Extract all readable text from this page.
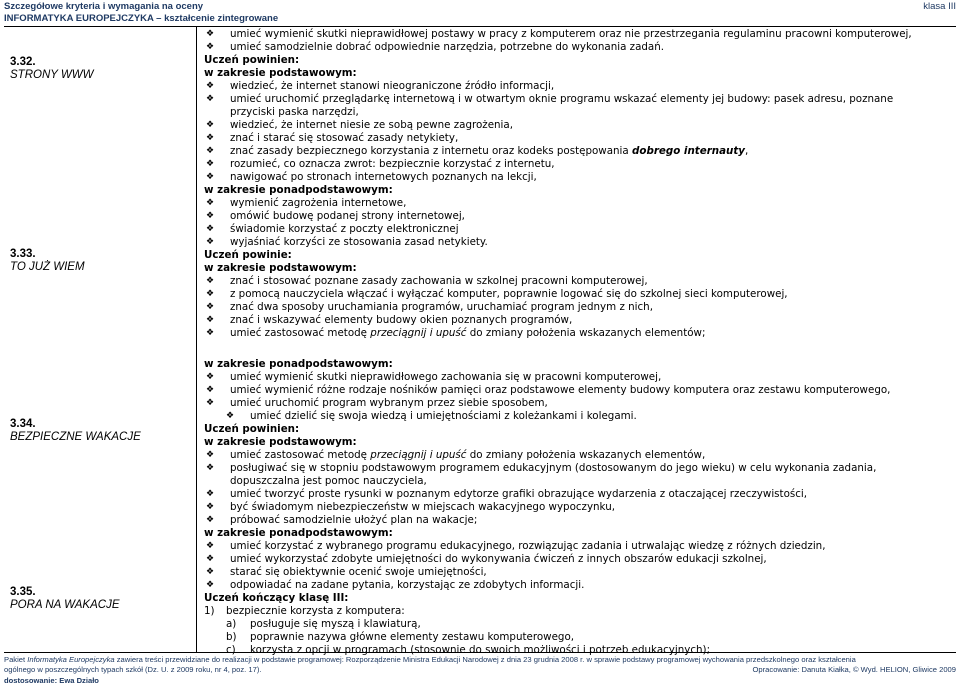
Szczegółowe kryteria i wymagania na oceny
INFORMATYKA EUROPEJCZYKA – kształcenie zintegrowane
klasa III
3.32.
STRONY WWW
3.33.
TO JUŻ WIEM
3.34.
BEZPIECZNE WAKACJE
3.35.
PORA NA WAKACJE
❖ umieć wymienić skutki nieprawidłowej postawy w pracy z komputerem oraz nie przestrzegania regulaminu pracowni komputerowej,
❖ umieć samodzielnie dobrać odpowiednie narzędzia, potrzebne do wykonania zadań.
Uczeń powinien:
w zakresie podstawowym:
❖ wiedzieć, że internet stanowi nieograniczone źródło informacji,
❖ umieć uruchomić przeglądarkę internetową i w otwartym oknie programu wskazać elementy jej budowy: pasek adresu, poznane
przyciski paska narzędzi,
❖ wiedzieć, że internet niesie ze sobą pewne zagrożenia,
❖ znać i starać się stosować zasady netykiety,
❖ znać zasady bezpiecznego korzystania z internetu oraz kodeks postępowania dobrego internauty,
❖ rozumieć, co oznacza zwrot: bezpiecznie korzystać z internetu,
❖ nawigować po stronach internetowych poznanych na lekcji,
w zakresie ponadpodstawowym:
❖ wymienić zagrożenia internetowe,
❖ omówić budowę podanej strony internetowej,
❖ świadomie korzystać z poczty elektronicznej
❖ wyjaśniać korzyści ze stosowania zasad netykiety.
Uczeń powinie:
w zakresie podstawowym:
❖ znać i stosować poznane zasady zachowania w szkolnej pracowni komputerowej,
❖ z pomocą nauczyciela włączać i wyłączać komputer, poprawnie logować się do szkolnej sieci komputerowej,
❖ znać dwa sposoby uruchamiania programów, uruchamiać program jednym z nich,
❖ znać i wskazywać elementy budowy okien poznanych programów,
❖ umieć zastosować metodę przeciągnij i upuść do zmiany położenia wskazanych elementów;
w zakresie ponadpodstawowym:
❖ umieć wymienić skutki nieprawidłowego zachowania się w pracowni komputerowej,
❖ umieć wymienić różne rodzaje nośników pamięci oraz podstawowe elementy budowy komputera oraz zestawu komputerowego,
❖ umieć uruchomić program wybranym przez siebie sposobem,
❖ umieć dzielić się swoja wiedzą i umiejętnościami z koleżankami i kolegami.
Uczeń powinien:
w zakresie podstawowym:
❖ umieć zastosować metodę przeciągnij i upuść do zmiany położenia wskazanych elementów,
❖ posługiwać się w stopniu podstawowym programem edukacyjnym (dostosowanym do jego wieku) w celu wykonania zadania,
dopuszczalna jest pomoc nauczyciela,
❖ umieć tworzyć proste rysunki w poznanym edytorze grafiki obrazujące wydarzenia z otaczającej rzeczywistości,
❖ być świadomym niebezpieczeństw w miejscach wakacyjnego wypoczynku,
❖ próbować samodzielnie ułożyć plan na wakacje;
w zakresie ponadpodstawowym:
❖ umieć korzystać z wybranego programu edukacyjnego, rozwiązując zadania i utrwalając wiedzę z różnych dziedzin,
❖ umieć wykorzystać zdobyte umiejętności do wykonywania ćwiczeń z innych obszarów edukacji szkolnej,
❖ starać się obiektywnie ocenić swoje umiejętności,
❖ odpowiadać na zadane pytania, korzystając ze zdobytych informacji.
Uczeń kończący klasę III:
1) bezpiecznie korzysta z komputera:
a) posługuje się myszą i klawiaturą,
b) poprawnie nazywa główne elementy zestawu komputerowego,
c) korzysta z opcji w programach (stosownie do swoich możliwości i potrzeb edukacyjnych);
Pakiet Informatyka Europejczyka zawiera treści przewidziane do realizacji w podstawie programowej: Rozporządzenie Ministra Edukacji Narodowej z dnia 23 grudnia 2008 r. w sprawie podstawy programowej wychowania przedszkolnego oraz kształcenia
ogólnego w poszczególnych typach szkół (Dz. U. z 2009 roku, nr 4, poz. 17).	Opracowanie: Danuta Kiałka, © Wyd. HELION, Gliwice 2009
dostosowanie: Ewa Działo
